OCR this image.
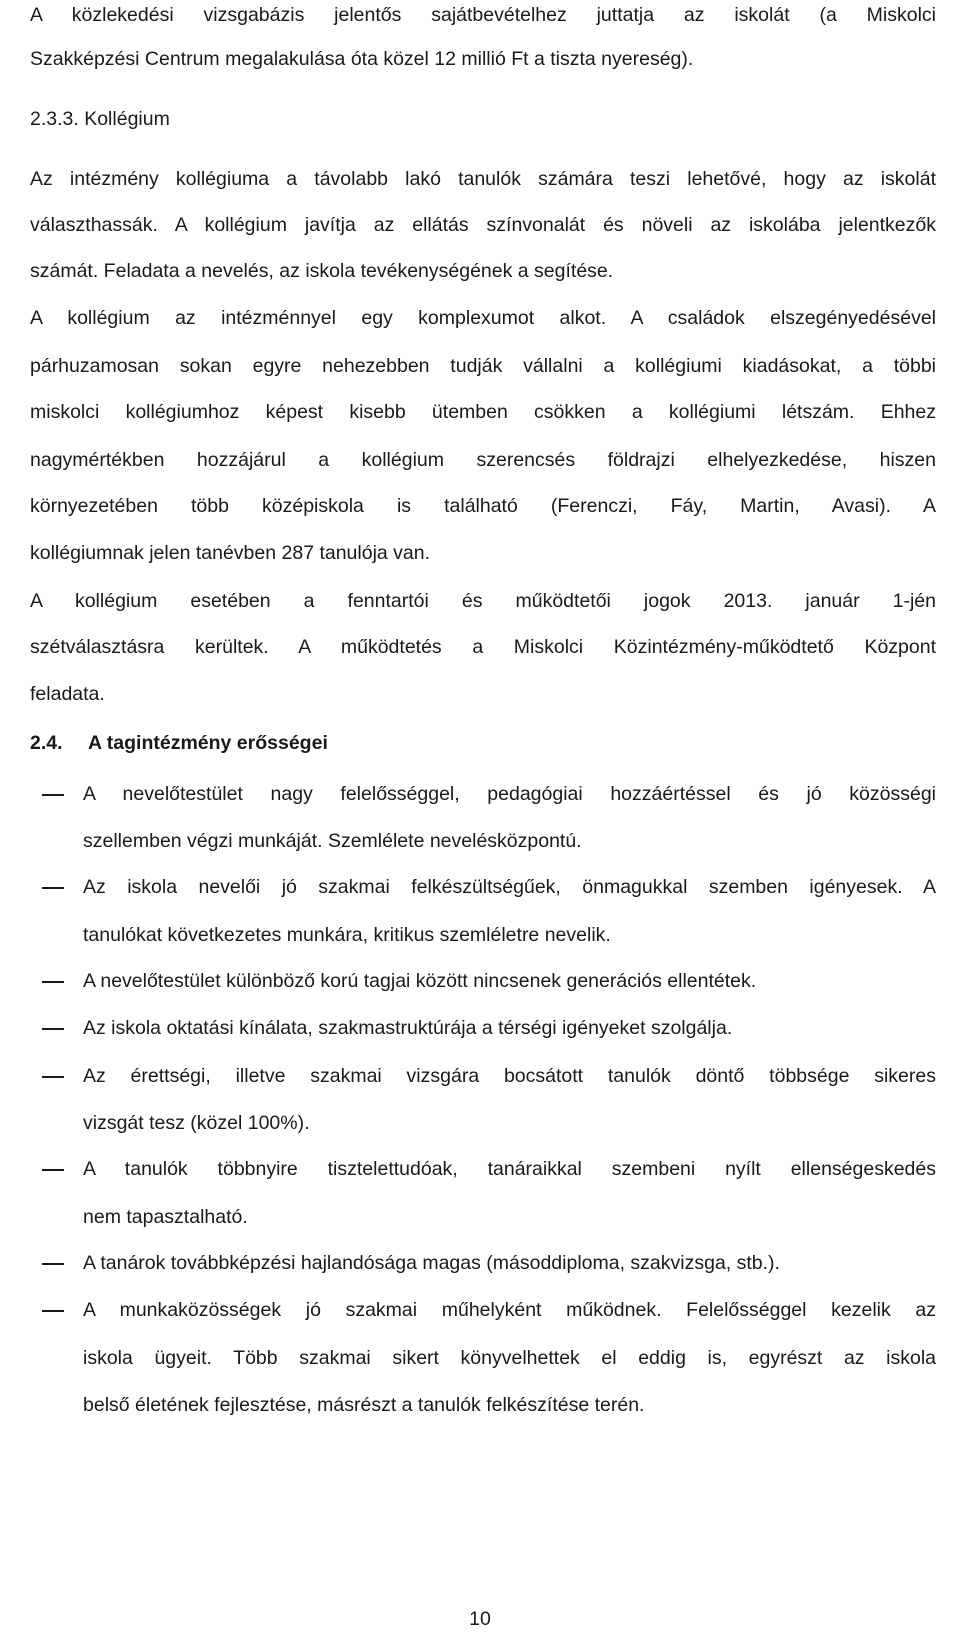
A közlekedési vizsgabázis jelentős sajátbevételhez juttatja az iskolát (a Miskolci
Szakképzési Centrum megalakulása óta közel 12 millió Ft a tiszta nyereség).
2.3.3. Kollégium
Az intézmény kollégiuma a távolabb lakó tanulók számára teszi lehetővé, hogy az iskolát
választhassák. A kollégium javítja az ellátás színvonalát és növeli az iskolába jelentkezők
számát. Feladata a nevelés, az iskola tevékenységének a segítése.
A kollégium az intézménnyel egy komplexumot alkot. A családok elszegényedésével
párhuzamosan sokan egyre nehezebben tudják vállalni a kollégiumi kiadásokat, a többi
miskolci kollégiumhoz képest kisebb ütemben csökken a kollégiumi létszám. Ehhez
nagymértékben hozzájárul a kollégium szerencsés földrajzi elhelyezkedése, hiszen
környezetében több középiskola is található (Ferenczi, Fáy, Martin, Avasi). A
kollégiumnak jelen tanévben 287 tanulója van.
A kollégium esetében a fenntartói és működtetői jogok 2013. január 1-jén
szétválasztásra kerültek. A működtetés a Miskolci Közintézmény-működtető Központ
feladata.
2.4. A tagintézmény erősségei
A nevelőtestület nagy felelősséggel, pedagógiai hozzáértéssel és jó közösségi
szellemben végzi munkáját. Szemlélete nevelésközpontú.
Az iskola nevelői jó szakmai felkészültségűek, önmagukkal szemben igényesek. A
tanulókat következetes munkára, kritikus szemléletre nevelik.
A nevelőtestület különböző korú tagjai között nincsenek generációs ellentétek.
Az iskola oktatási kínálata, szakmastruktúrája a térségi igényeket szolgálja.
Az érettségi, illetve szakmai vizsgára bocsátott tanulók döntő többsége sikeres
vizsgát tesz (közel 100%).
A tanulók többnyire tisztelettudóak, tanáraikkal szembeni nyílt ellenségeskedés
nem tapasztalható.
A tanárok továbbképzési hajlandósága magas (másoddiploma, szakvizsga, stb.).
A munkaközösségek jó szakmai műhelyként működnek. Felelősséggel kezelik az
iskola ügyeit. Több szakmai sikert könyvelhettek el eddig is, egyrészt az iskola
belső életének fejlesztése, másrészt a tanulók felkészítése terén.
10
